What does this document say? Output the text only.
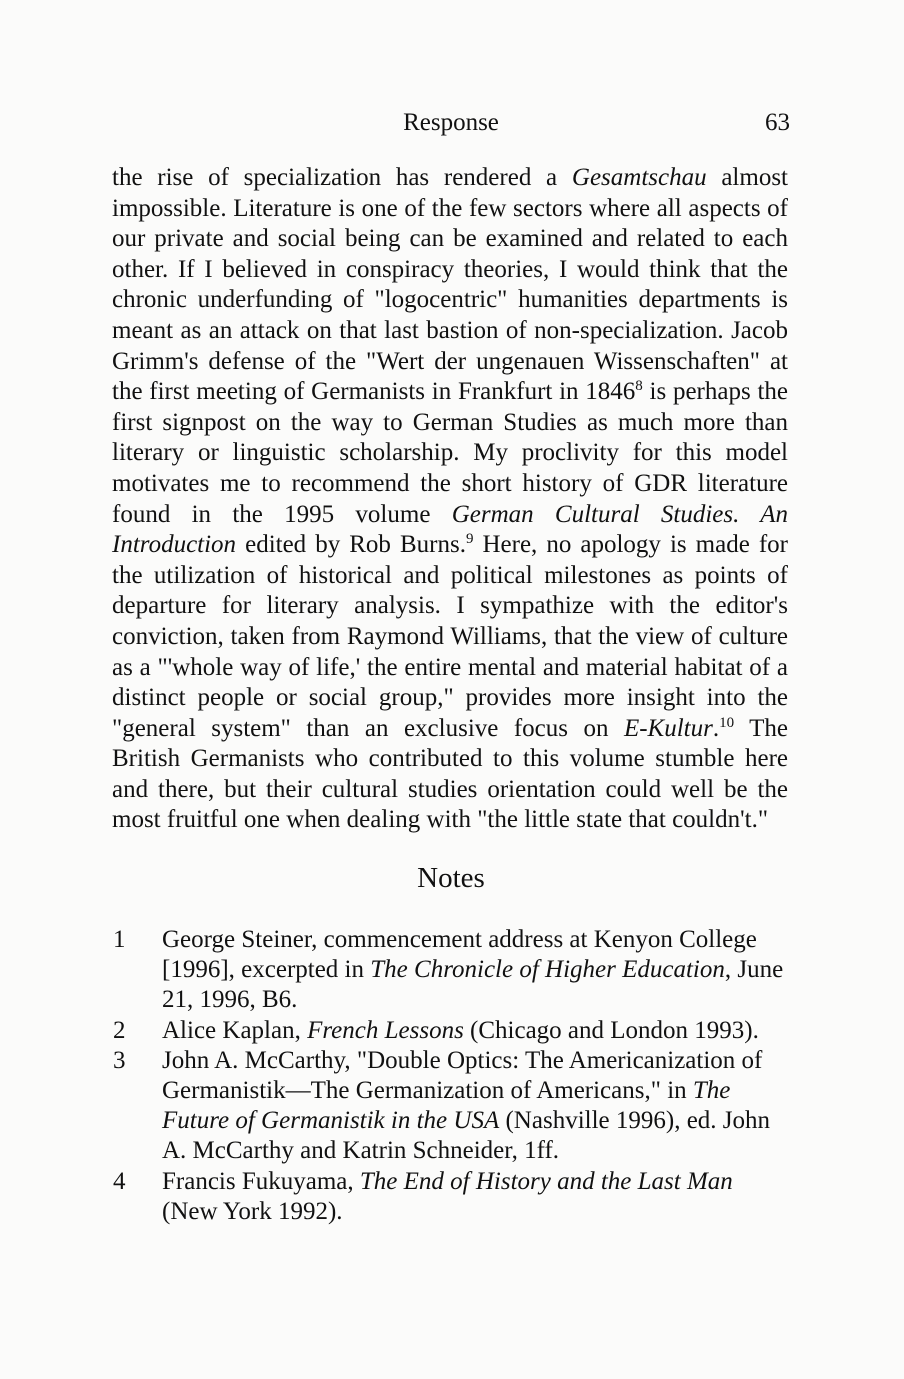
Response	63

the rise of specialization has rendered a Gesamtschau almost impossible. Literature is one of the few sectors where all aspects of our private and social being can be examined and related to each other. If I believed in conspiracy theories, I would think that the chronic underfunding of "logocentric" humanities departments is meant as an attack on that last bastion of non-specialization. Jacob Grimm's defense of the "Wert der ungenauen Wissenschaften" at the first meeting of Germanists in Frankfurt in 1846$^8$ is perhaps the first signpost on the way to German Studies as much more than literary or linguistic scholarship. My proclivity for this model motivates me to recommend the short history of GDR literature found in the 1995 volume German Cultural Studies. An Introduction edited by Rob Burns.$^9$ Here, no apology is made for the utilization of historical and political milestones as points of departure for literary analysis. I sympathize with the editor's conviction, taken from Raymond Williams, that the view of culture as a "'whole way of life,' the entire mental and material habitat of a distinct people or social group," provides more insight into the "general system" than an exclusive focus on E-Kultur.$^{10}$ The British Germanists who contributed to this volume stumble here and there, but their cultural studies orientation could well be the most fruitful one when dealing with "the little state that couldn't."

Notes
1 George Steiner, commencement address at Kenyon College [1996], excerpted in The Chronicle of Higher Education, June 21, 1996, B6.
2 Alice Kaplan, French Lessons (Chicago and London 1993).
3 John A. McCarthy, "Double Optics: The Americanization of Germanistik—The Germanization of Americans," in The Future of Germanistik in the USA (Nashville 1996), ed. John A. McCarthy and Katrin Schneider, 1ff.
4 Francis Fukuyama, The End of History and the Last Man (New York 1992).
